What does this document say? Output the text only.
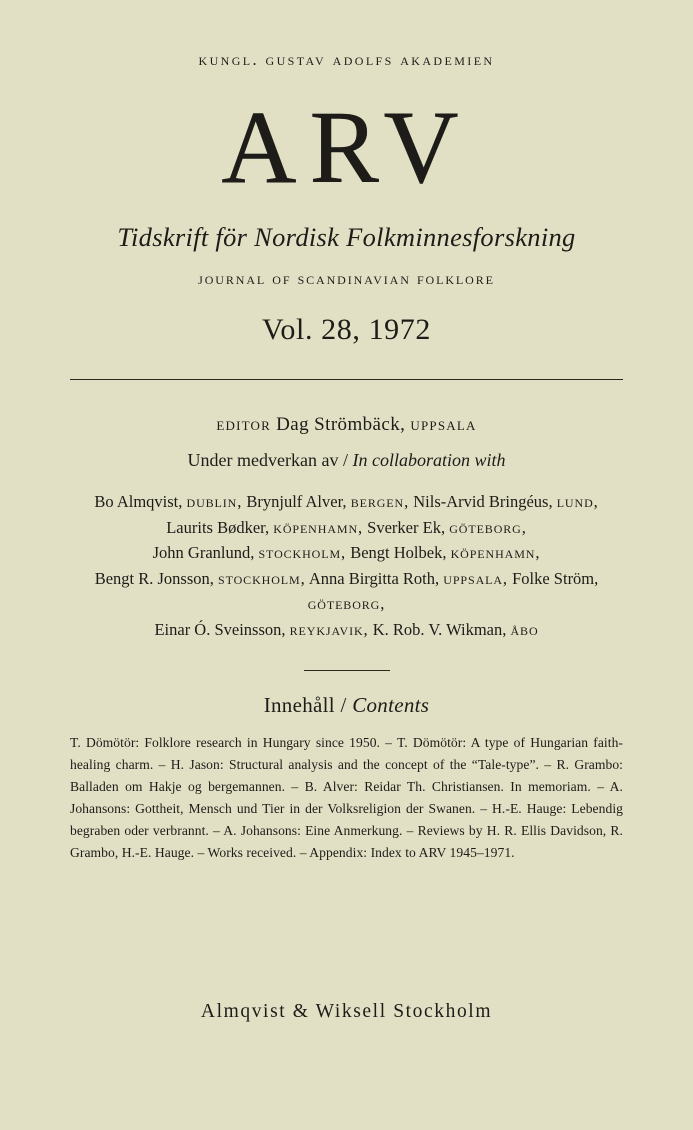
kungl. gustav adolfs akademien
ARV
Tidskrift för Nordisk Folkminnesforskning
journal of scandinavian folklore
Vol. 28, 1972
editor Dag Strömbäck, uppsala
Under medverkan av / In collaboration with
Bo Almqvist, dublin, Brynjulf Alver, bergen, Nils-Arvid Bringéus, lund,
Laurits Bødker, köpenhamn, Sverker Ek, göteborg,
John Granlund, stockholm, Bengt Holbek, köpenhamn,
Bengt R. Jonsson, stockholm, Anna Birgitta Roth, uppsala, Folke Ström, göteborg,
Einar Ó. Sveinsson, reykjavik, K. Rob. V. Wikman, åbo
Innehåll / Contents
T. Dömötör: Folklore research in Hungary since 1950. – T. Dömötör: A type of Hungarian faith-healing charm. – H. Jason: Structural analysis and the concept of the “Tale-type”. – R. Grambo: Balladen om Hakje og bergemannen. – B. Alver: Reidar Th. Christiansen. In memoriam. – A. Johansons: Gottheit, Mensch und Tier in der Volksreligion der Swanen. – H.-E. Hauge: Lebendig begraben oder verbrannt. – A. Johansons: Eine Anmerkung. – Reviews by H. R. Ellis Davidson, R. Grambo, H.-E. Hauge. – Works received. – Appendix: Index to ARV 1945–1971.
Almqvist & Wiksell Stockholm
